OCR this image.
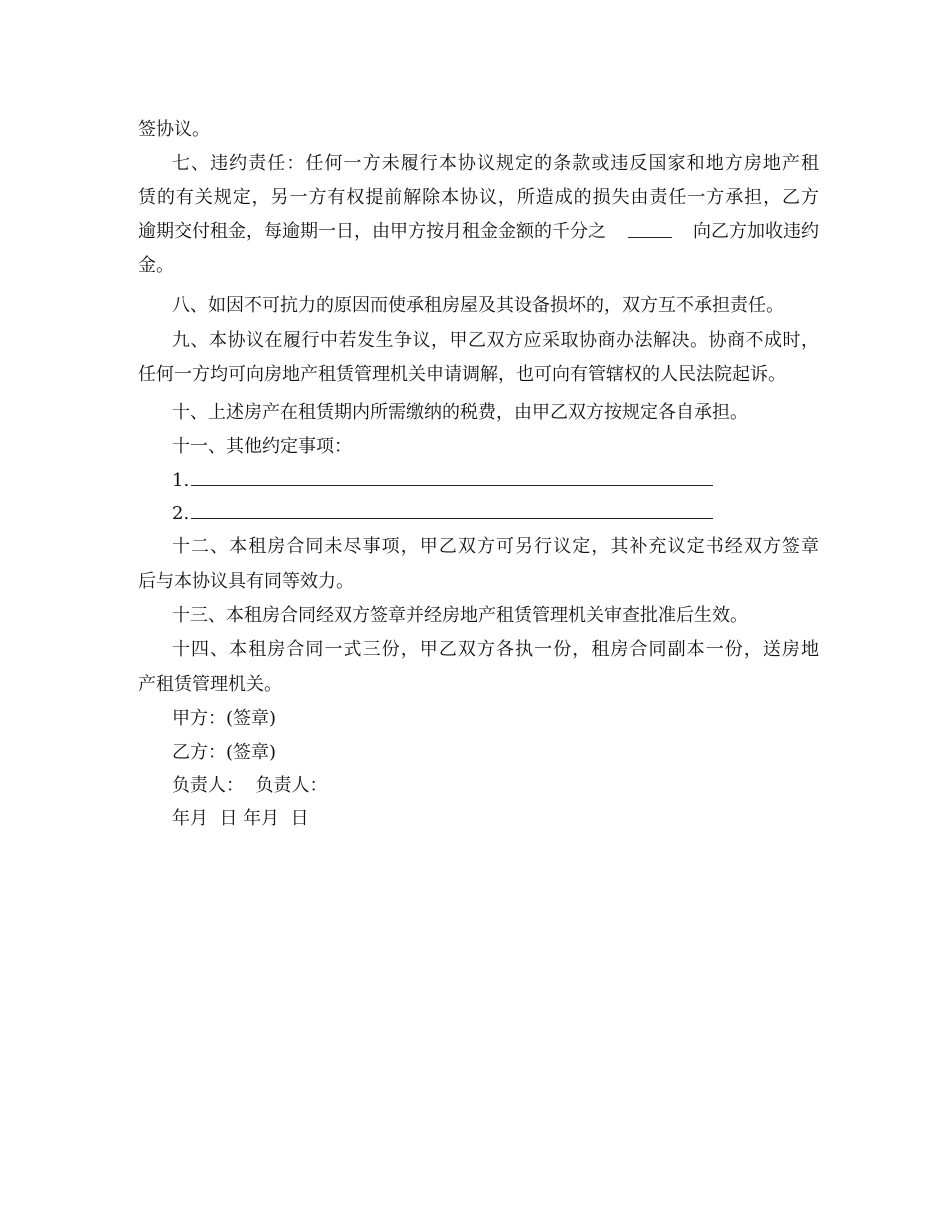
签协议。
七、违约责任：任何一方未履行本协议规定的条款或违反国家和地方房地产租
赁的有关规定，另一方有权提前解除本协议，所造成的损失由责任一方承担，乙方
逾期交付租金，每逾期一日，由甲方按月租金金额的千分之	向乙方加收违约
金。
八、如因不可抗力的原因而使承租房屋及其设备损坏的，双方互不承担责任。
九、本协议在履行中若发生争议，甲乙双方应采取协商办法解决。协商不成时，
任何一方均可向房地产租赁管理机关申请调解，也可向有管辖权的人民法院起诉。
十、上述房产在租赁期内所需缴纳的税费，由甲乙双方按规定各自承担。
十一、其他约定事项：
1.
2.
十二、本租房合同未尽事项，甲乙双方可另行议定，其补充议定书经双方签章
后与本协议具有同等效力。
十三、本租房合同经双方签章并经房地产租赁管理机关审查批准后生效。
十四、本租房合同一式三份，甲乙双方各执一份，租房合同副本一份，送房地
产租赁管理机关。
甲方：(签章)
乙方：(签章)
负责人：  负责人：
年月  日 年月  日
